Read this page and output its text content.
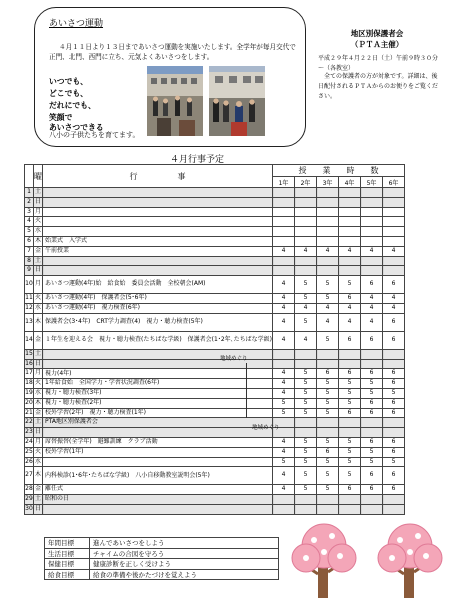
あいさつ運動
４月１１日より１３日まであいさつ運動を実施いたします。全学年が毎月交代で正門、北門、西門に立ち、元気よくあいさつをします。
いつでも、
どこでも、
だれにでも、
笑顔で
あいさつできる
八小の子供たちを育てます。
地区別保護者会
（ＰＴＡ主催）
平成２９年４月２２日（土）午前９時３０分～（各教室）
全ての保護者の方が対象です。詳細は、後日配付されるＰＴＡからのお便りをご覧ください。
４月行事予定
	曜	行　　　　　事	授　　業　　時　　数					
			1年	2年	3年	4年	5年	6年
1	土							
2	日							
3	月							
4	火							
5	水							
6	木	始業式　入学式						
7	金	午前授業	4	4	4	4	4	4
8	土							
9	日							
10	月	あいさつ運動(4年)始　給食始　委員会活動　全校朝会(AM)	4	5	5	5	6	6
11	火	あいさつ運動(4年)　保護者会(5･6年)	4	5	5	6	4	4
12	水	あいさつ運動(4年)　視力検査(6年)	4	4	4	4	4	4
13	木	保護者会(3･4年)　CRT学力調査(4)　視力・聴力検査(5年)	4	5	4	4	4	6
14	金	１年生を迎える会　視力・聴力検査(たちばな学級)　保護者会(1･2年､たちばな学級)	4	4	5	6	6	6
15	土							
16	日							
17	月	視力(4年)	4	5	6	6	6	6
18	火	1年給食始　全国学力・学習状況調査(6年)	4	5	5	5	5	6
19	水	視力・聴力検査(3年)	4	5	5	5	5	5
20	木	視力・聴力検査(2年)	5	5	5	5	6	6
21	金	校外学習(2年)　視力・聴力検査(1年)	5	5	5	6	6	6
22	土	PTA地区別保護者会						
23	日							
24	月	席替振替(全学年)　避難訓練　クラブ活動	4	5	5	5	6	6
25	火	校外学習(1年)	4	5	6	5	5	6
26	水		5	5	5	5	5	5
27	木	内科検診(1･6年･たちばな学級)　八小自移動教室説明会(5年)	4	5	5	5	6	6
28	金	離任式	4	5	5	6	6	6
29	土	昭和の日						
30	日							
地域めぐり
地域めぐり
年間目標	進んであいさつをしよう
生活目標	チャイムの合図を守ろう
保健目標	健康診断を正しく受けよう
給食目標	給食の準備や後かたづけを覚えよう
